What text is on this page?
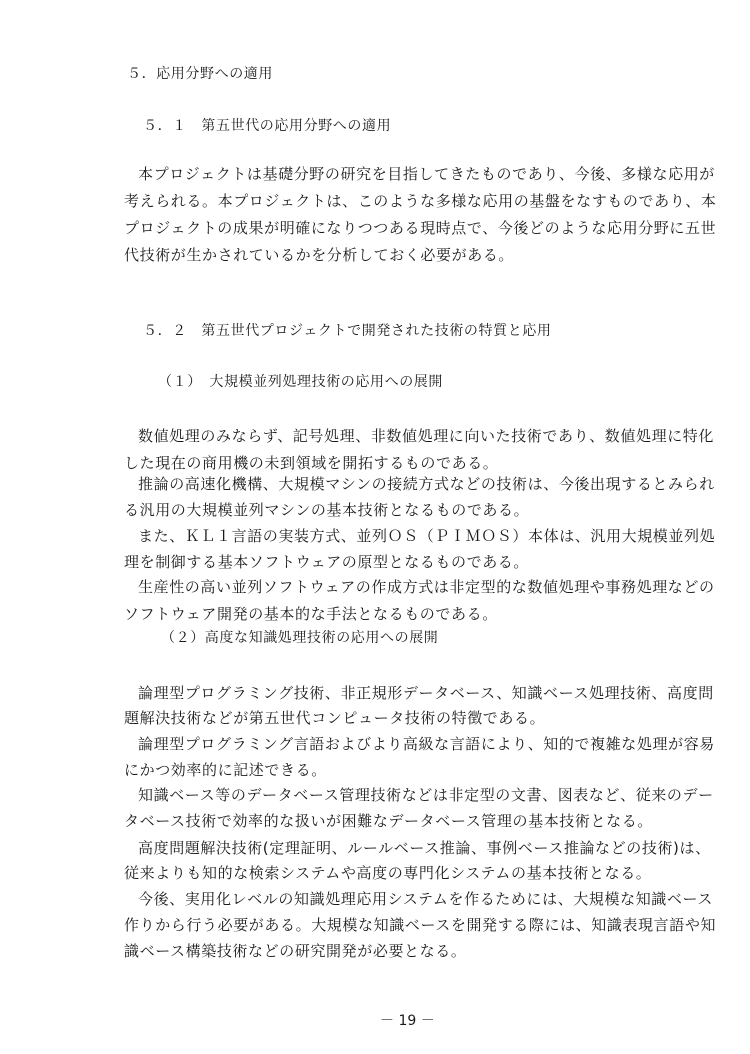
５．応用分野への適用
５．１　第五世代の応用分野への適用
本プロジェクトは基礎分野の研究を目指してきたものであり、今後、多様な応用が
考えられる。本プロジェクトは、このような多様な応用の基盤をなすものであり、本
プロジェクトの成果が明確になりつつある現時点で、今後どのような応用分野に五世
代技術が生かされているかを分析しておく必要がある。
５．２　第五世代プロジェクトで開発された技術の特質と応用
（１）　大規模並列処理技術の応用への展開
数値処理のみならず、記号処理、非数値処理に向いた技術であり、数値処理に特化
した現在の商用機の未到領域を開拓するものである。
推論の高速化機構、大規模マシンの接続方式などの技術は、今後出現するとみられ
る汎用の大規模並列マシンの基本技術となるものである。
また、ＫＬ１言語の実装方式、並列ＯＳ（ＰＩＭＯＳ）本体は、汎用大規模並列処
理を制御する基本ソフトウェアの原型となるものである。
生産性の高い並列ソフトウェアの作成方式は非定型的な数値処理や事務処理などの
ソフトウェア開発の基本的な手法となるものである。
（２）高度な知識処理技術の応用への展開
論理型プログラミング技術、非正規形データベース、知識ベース処理技術、高度問
題解決技術などが第五世代コンピュータ技術の特徴である。
論理型プログラミング言語およびより高級な言語により、知的で複雑な処理が容易
にかつ効率的に記述できる。
知識ベース等のデータベース管理技術などは非定型の文書、図表など、従来のデー
タベース技術で効率的な扱いが困難なデータベース管理の基本技術となる。
高度問題解決技術(定理証明、ルールベース推論、事例ベース推論などの技術)は、
従来よりも知的な検索システムや高度の専門化システムの基本技術となる。
今後、実用化レベルの知識処理応用システムを作るためには、大規模な知識ベース
作りから行う必要がある。大規模な知識ベースを開発する際には、知識表現言語や知
識ベース構築技術などの研究開発が必要となる。
－ 19 －
